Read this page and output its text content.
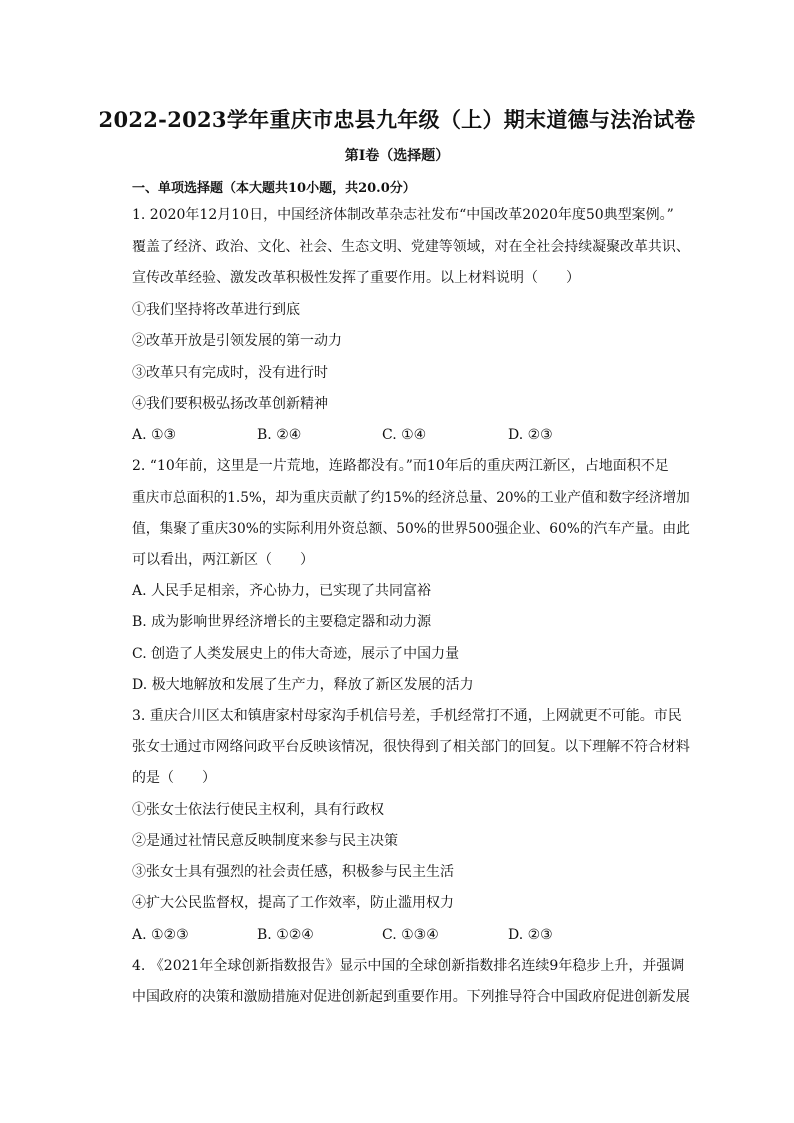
2022-2023学年重庆市忠县九年级（上）期末道德与法治试卷
第Ⅰ卷（选择题）
一、单项选择题（本大题共10小题，共20.0分）
1. 2020年12月10日，中国经济体制改革杂志社发布“中国改革2020年度50典型案例。”
覆盖了经济、政治、文化、社会、生态文明、党建等领域，对在全社会持续凝聚改革共识、
宣传改革经验、激发改革积极性发挥了重要作用。以上材料说明（　　）
①我们坚持将改革进行到底
②改革开放是引领发展的第一动力
③改革只有完成时，没有进行时
④我们要积极弘扬改革创新精神
A. ①③	B. ②④	C. ①④	D. ②③
2. “10年前，这里是一片荒地，连路都没有。”而10年后的重庆两江新区，占地面积不足
重庆市总面积的1.5%，却为重庆贡献了约15%的经济总量、20%的工业产值和数字经济增加
值，集聚了重庆30%的实际利用外资总额、50%的世界500强企业、60%的汽车产量。由此
可以看出，两江新区（　　）
A. 人民手足相亲，齐心协力，已实现了共同富裕
B. 成为影响世界经济增长的主要稳定器和动力源
C. 创造了人类发展史上的伟大奇迹，展示了中国力量
D. 极大地解放和发展了生产力，释放了新区发展的活力
3. 重庆合川区太和镇唐家村母家沟手机信号差，手机经常打不通，上网就更不可能。市民
张女士通过市网络问政平台反映该情况，很快得到了相关部门的回复。以下理解不符合材料
的是（　　）
①张女士依法行使民主权利，具有行政权
②是通过社情民意反映制度来参与民主决策
③张女士具有强烈的社会责任感，积极参与民主生活
④扩大公民监督权，提高了工作效率，防止滥用权力
A. ①②③	B. ①②④	C. ①③④	D. ②③
4. 《2021年全球创新指数报告》显示中国的全球创新指数排名连续9年稳步上升，并强调
中国政府的决策和激励措施对促进创新起到重要作用。下列推导符合中国政府促进创新发展
